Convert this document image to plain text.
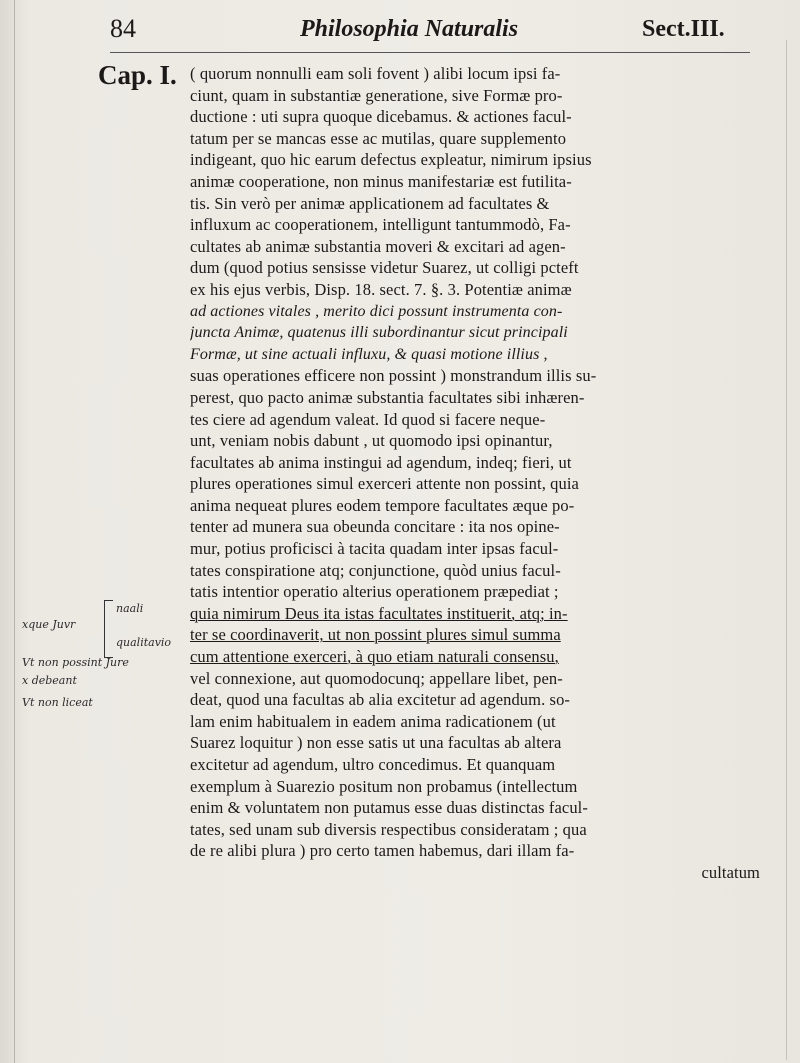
84	Philosophia Naturalis	Sect.III.
Cap. I. ( quorum nonnulli eam soli fovent ) alibi locum ipsi fa-
ciunt, quam in substantiæ generatione, sive Formæ pro-
ductione : uti supra quoque dicebamus. & actiones facul-
tatum per se mancas esse ac mutilas, quare supplemento
indigeant, quo hic earum defectus expleatur, nimirum ipsius
animæ cooperatione, non minus manifestariæ est futilita-
tis. Sin verò per animæ applicationem ad facultates &
influxum ac cooperationem, intelligunt tantummodò, Fa-
cultates ab animæ substantia moveri & excitari ad agen-
dum (quod potius sensisse videtur Suarez, ut colligi pcteft
ex his ejus verbis, Disp. 18. sect. 7. §. 3. Potentiæ animæ
ad actiones vitales , merito dici possunt instrumenta con-
juncta Animæ, quatenus illi subordinantur sicut principali
Formæ, ut sine actuali influxu, & quasi motione illius ,
suas operationes efficere non possint ) monstrandum illis su-
perest, quo pacto animæ substantia facultates sibi inhæren-
tes ciere ad agendum valeat. Id quod si facere neque-
unt, veniam nobis dabunt , ut quomodo ipsi opinantur,
facultates ab anima instingui ad agendum, indeq; fieri, ut
plures operationes simul exerceri attente non possint, quia
anima nequeat plures eodem tempore facultates æque po-
tenter ad munera sua obeunda concitare : ita nos opine-
mur, potius proficisci à tacita quadam inter ipsas facul-
tates conspiratione atq; conjunctione, quòd unius facul-
tatis intentior operatio alterius operationem præpediat ;
quia nimirum Deus ita istas facultates instituerit, atq; in-
ter se coordinaverit, ut non possint plures simul summa
cum attentione exerceri, à quo etiam naturali consensu,
vel connexione, aut quomodocunq; appellare libet, pen-
deat, quod una facultas ab alia excitetur ad agendum. so-
lam enim habitualem in eadem anima radicationem (ut
Suarez loquitur ) non esse satis ut una facultas ab altera
excitetur ad agendum, ultro concedimus. Et quanquam
exemplum à Suarezio positum non probamus (intellectum
enim & voluntatem non putamus esse duas distinctas facul-
tates, sed unam sub diversis respectibus consideratam ; qua
de re alibi plura ) pro certo tamen habemus, dari illam fa-
cultatum
naali
qualitavio
xque Juvr
Vt non possint Jure
x debeant
Vt non liceat
